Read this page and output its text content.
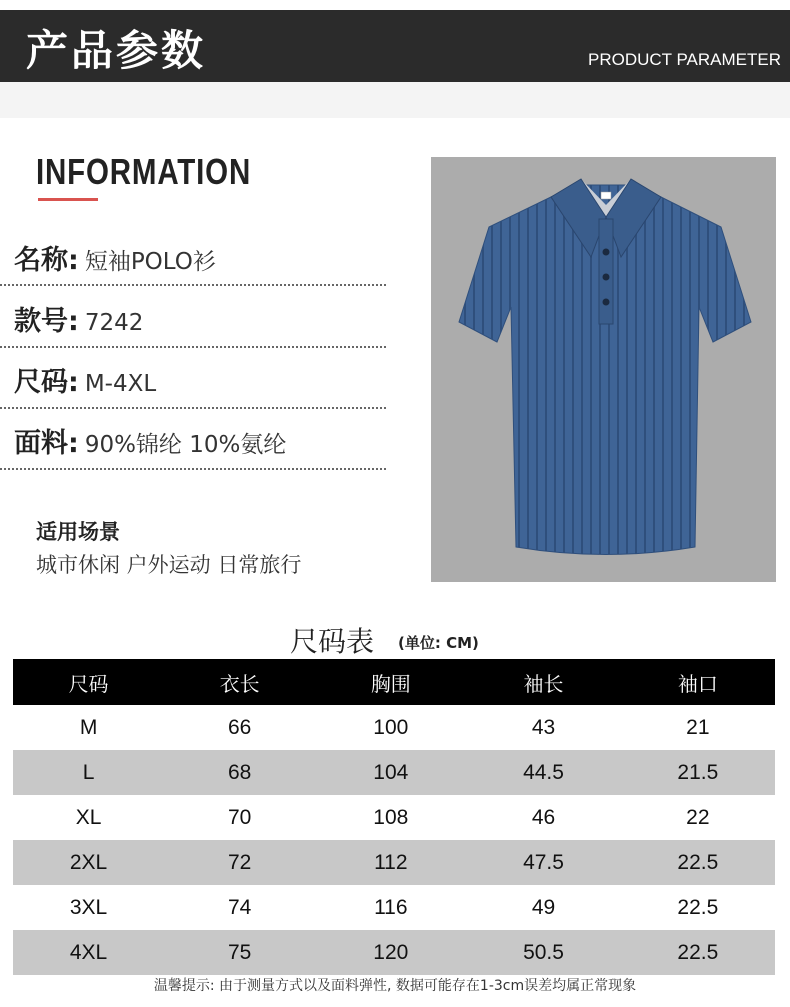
产品参数	PRODUCT PARAMETER
INFORMATION
名称: 短袖POLO衫
款号: 7242
尺码: M-4XL
面料: 90%锦纶 10%氨纶
适用场景
城市休闲 户外运动 日常旅行
尺码表 (单位: CM)
尺码	衣长	胸围	袖长	袖口
M	66	100	43	21
L	68	104	44.5	21.5
XL	70	108	46	22
2XL	72	112	47.5	22.5
3XL	74	116	49	22.5
4XL	75	120	50.5	22.5
温馨提示: 由于测量方式以及面料弹性, 数据可能存在1-3cm误差均属正常现象
